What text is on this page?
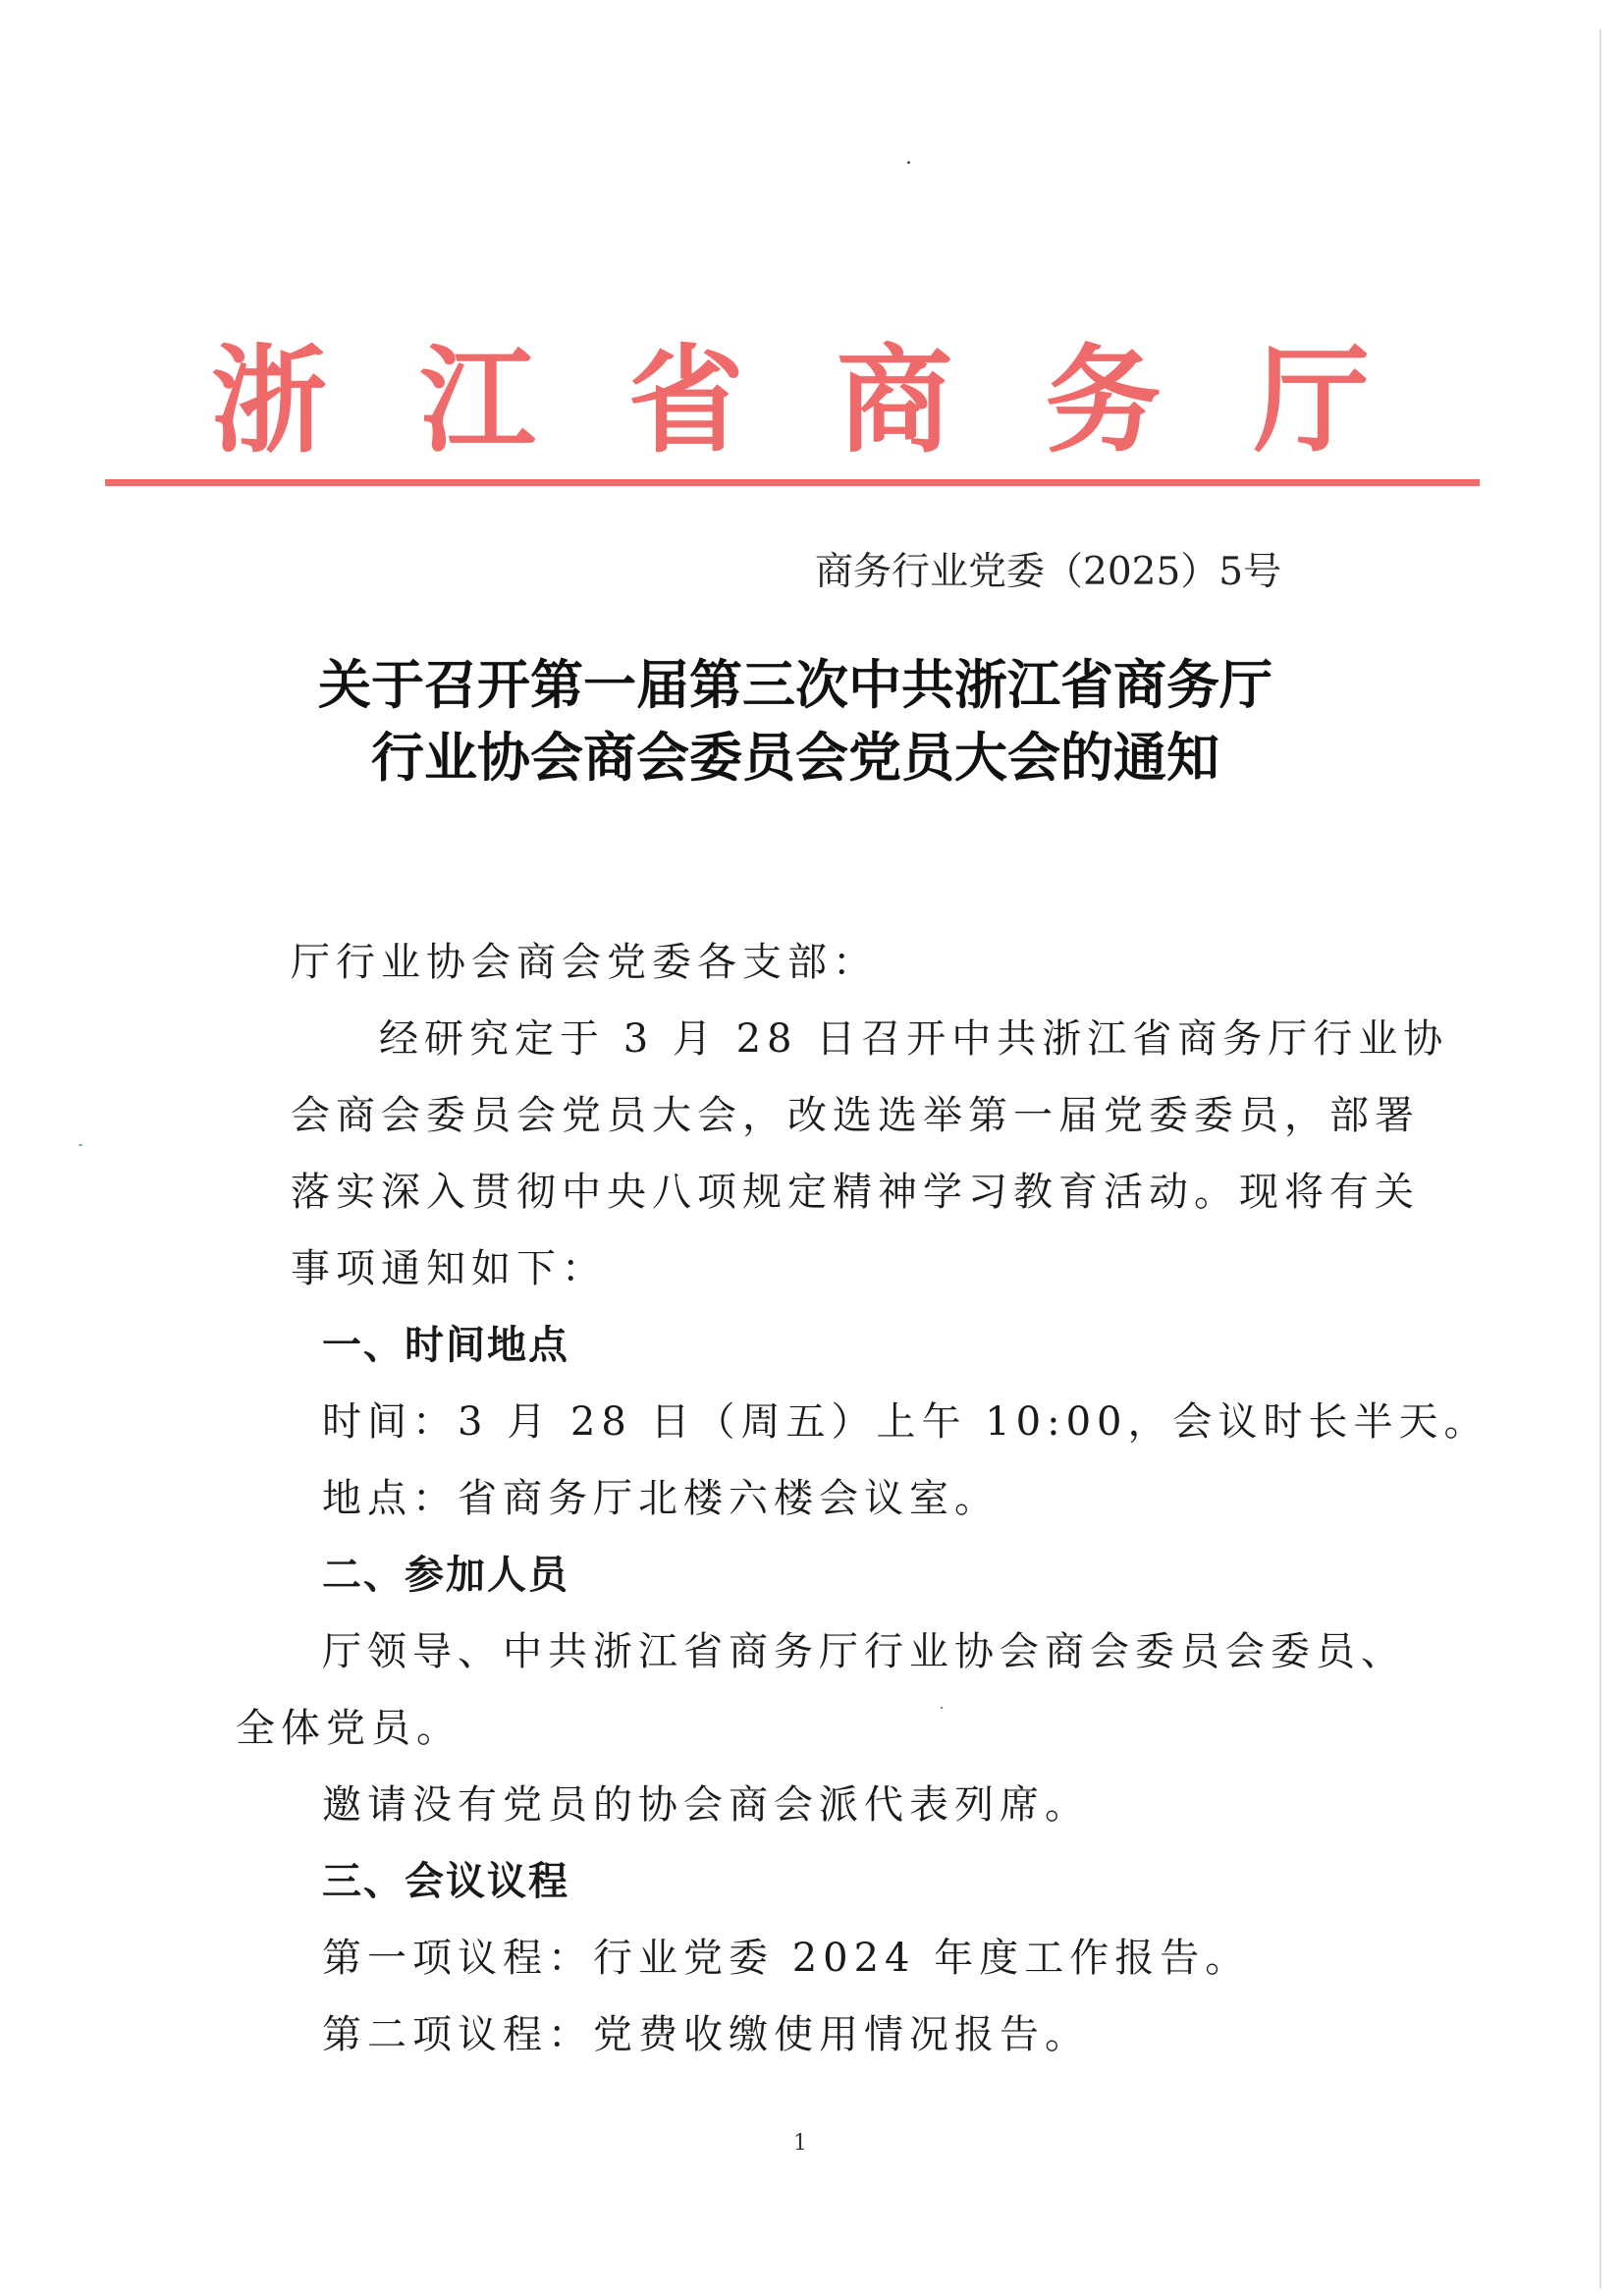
浙 江 省 商 务 厅
商务行业党委（2025）5号
关于召开第一届第三次中共浙江省商务厅
行业协会商会委员会党员大会的通知
厅行业协会商会党委各支部：
经研究定于 3 月 28 日召开中共浙江省商务厅行业协
会商会委员会党员大会，改选选举第一届党委委员，部署
落实深入贯彻中央八项规定精神学习教育活动。现将有关
事项通知如下：
一、时间地点
时间：3 月 28 日（周五）上午 10:00，会议时长半天。
地点：省商务厅北楼六楼会议室。
二、参加人员
厅领导、中共浙江省商务厅行业协会商会委员会委员、
全体党员。
邀请没有党员的协会商会派代表列席。
三、会议议程
第一项议程：行业党委 2024 年度工作报告。
第二项议程：党费收缴使用情况报告。
1
